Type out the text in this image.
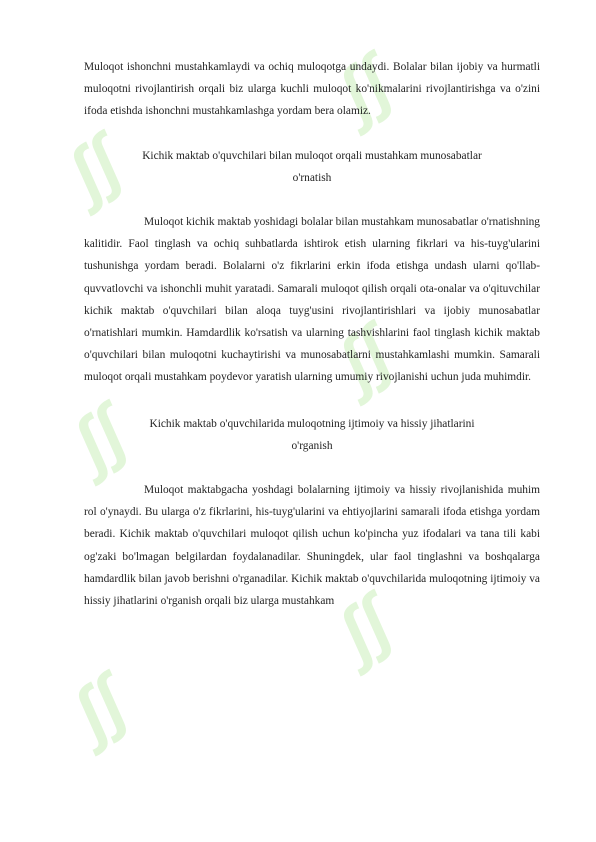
ʃʃ
ʃʃ
ʃʃ
ʃʃ
ʃʃ
ʃʃ

Muloqot ishonchni mustahkamlaydi va ochiq muloqotga undaydi. Bolalar bilan ijobiy va hurmatli muloqotni rivojlantirish orqali biz ularga kuchli muloqot ko'nikmalarini rivojlantirishga va o'zini ifoda etishda ishonchni mustahkamlashga yordam bera olamiz.

Kichik maktab o'quvchilari bilan muloqot orqali mustahkam munosabatlar
o'rnatish

Muloqot kichik maktab yoshidagi bolalar bilan mustahkam munosabatlar o'rnatishning kalitidir. Faol tinglash va ochiq suhbatlarda ishtirok etish ularning fikrlari va his-tuyg'ularini tushunishga yordam beradi. Bolalarni o'z fikrlarini erkin ifoda etishga undash ularni qo'llab-quvvatlovchi va ishonchli muhit yaratadi. Samarali muloqot qilish orqali ota-onalar va o'qituvchilar kichik maktab o'quvchilari bilan aloqa tuyg'usini rivojlantirishlari va ijobiy munosabatlar o'rnatishlari mumkin. Hamdardlik ko'rsatish va ularning tashvishlarini faol tinglash kichik maktab o'quvchilari bilan muloqotni kuchaytirishi va munosabatlarni mustahkamlashi mumkin. Samarali muloqot orqali mustahkam poydevor yaratish ularning umumiy rivojlanishi uchun juda muhimdir.

Kichik maktab o'quvchilarida muloqotning ijtimoiy va hissiy jihatlarini
o'rganish

Muloqot maktabgacha yoshdagi bolalarning ijtimoiy va hissiy rivojlanishida muhim rol o'ynaydi. Bu ularga o'z fikrlarini, his-tuyg'ularini va ehtiyojlarini samarali ifoda etishga yordam beradi. Kichik maktab o'quvchilari muloqot qilish uchun ko'pincha yuz ifodalari va tana tili kabi og'zaki bo'lmagan belgilardan foydalanadilar. Shuningdek, ular faol tinglashni va boshqalarga hamdardlik bilan javob berishni o'rganadilar. Kichik maktab o'quvchilarida muloqotning ijtimoiy va hissiy jihatlarini o'rganish orqali biz ularga mustahkam
